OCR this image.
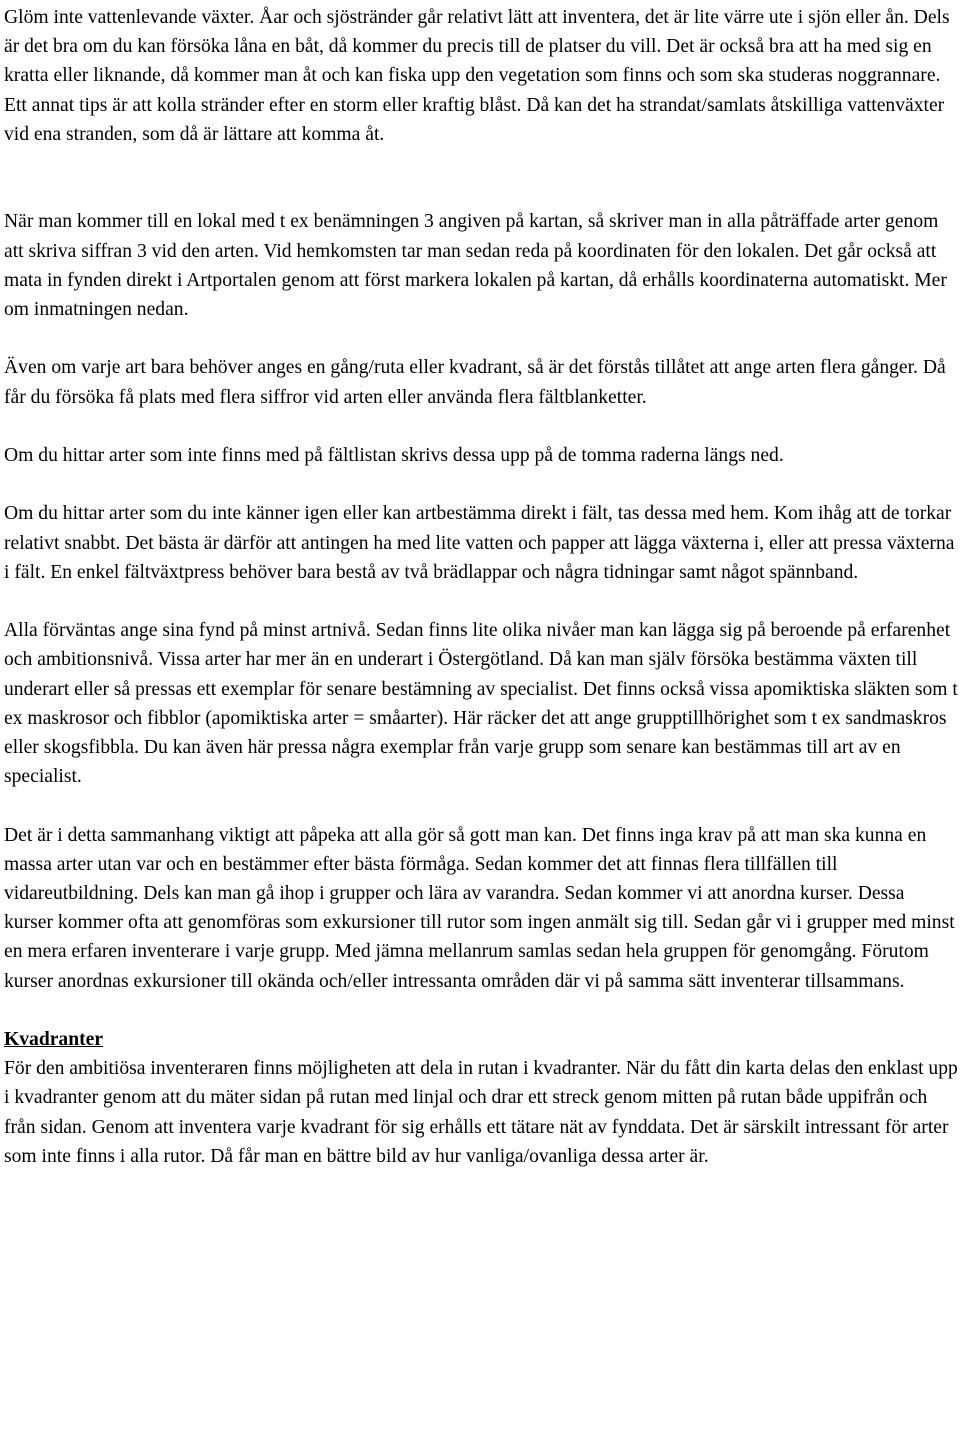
Glöm inte vattenlevande växter. Åar och sjöstränder går relativt lätt att inventera, det är lite värre ute i sjön eller ån. Dels är det bra om du kan försöka låna en båt, då kommer du precis till de platser du vill. Det är också bra att ha med sig en kratta eller liknande, då kommer man åt och kan fiska upp den vegetation som finns och som ska studeras noggrannare. Ett annat tips är att kolla stränder efter en storm eller kraftig blåst. Då kan det ha strandat/samlats åtskilliga vattenväxter vid ena stranden, som då är lättare att komma åt.

När man kommer till en lokal med t ex benämningen 3 angiven på kartan, så skriver man in alla påträffade arter genom att skriva siffran 3 vid den arten. Vid hemkomsten tar man sedan reda på koordinaten för den lokalen. Det går också att mata in fynden direkt i Artportalen genom att först markera lokalen på kartan, då erhålls koordinaterna automatiskt. Mer om inmatningen nedan.

Även om varje art bara behöver anges en gång/ruta eller kvadrant, så är det förstås tillåtet att ange arten flera gånger. Då får du försöka få plats med flera siffror vid arten eller använda flera fältblanketter.

Om du hittar arter som inte finns med på fältlistan skrivs dessa upp på de tomma raderna längs ned.

Om du hittar arter som du inte känner igen eller kan artbestämma direkt i fält, tas dessa med hem. Kom ihåg att de torkar relativt snabbt. Det bästa är därför att antingen ha med lite vatten och papper att lägga växterna i, eller att pressa växterna i fält. En enkel fältväxtpress behöver bara bestå av två brädlappar och några tidningar samt något spännband.

Alla förväntas ange sina fynd på minst artnivå. Sedan finns lite olika nivåer man kan lägga sig på beroende på erfarenhet och ambitionsnivå. Vissa arter har mer än en underart i Östergötland. Då kan man själv försöka bestämma växten till underart eller så pressas ett exemplar för senare bestämning av specialist. Det finns också vissa apomiktiska släkten som t ex maskrosor och fibblor (apomiktiska arter = småarter). Här räcker det att ange grupptillhörighet som t ex sandmaskros eller skogsfibbla. Du kan även här pressa några exemplar från varje grupp som senare kan bestämmas till art av en specialist.

Det är i detta sammanhang viktigt att påpeka att alla gör så gott man kan. Det finns inga krav på att man ska kunna en massa arter utan var och en bestämmer efter bästa förmåga. Sedan kommer det att finnas flera tillfällen till vidareutbildning. Dels kan man gå ihop i grupper och lära av varandra. Sedan kommer vi att anordna kurser. Dessa kurser kommer ofta att genomföras som exkursioner till rutor som ingen anmält sig till. Sedan går vi i grupper med minst en mera erfaren inventerare i varje grupp. Med jämna mellanrum samlas sedan hela gruppen för genomgång. Förutom kurser anordnas exkursioner till okända och/eller intressanta områden där vi på samma sätt inventerar tillsammans.

Kvadranter

För den ambitiösa inventeraren finns möjligheten att dela in rutan i kvadranter. När du fått din karta delas den enklast upp i kvadranter genom att du mäter sidan på rutan med linjal och drar ett streck genom mitten på rutan både uppifrån och från sidan. Genom att inventera varje kvadrant för sig erhålls ett tätare nät av fynddata. Det är särskilt intressant för arter som inte finns i alla rutor. Då får man en bättre bild av hur vanliga/ovanliga dessa arter är.
